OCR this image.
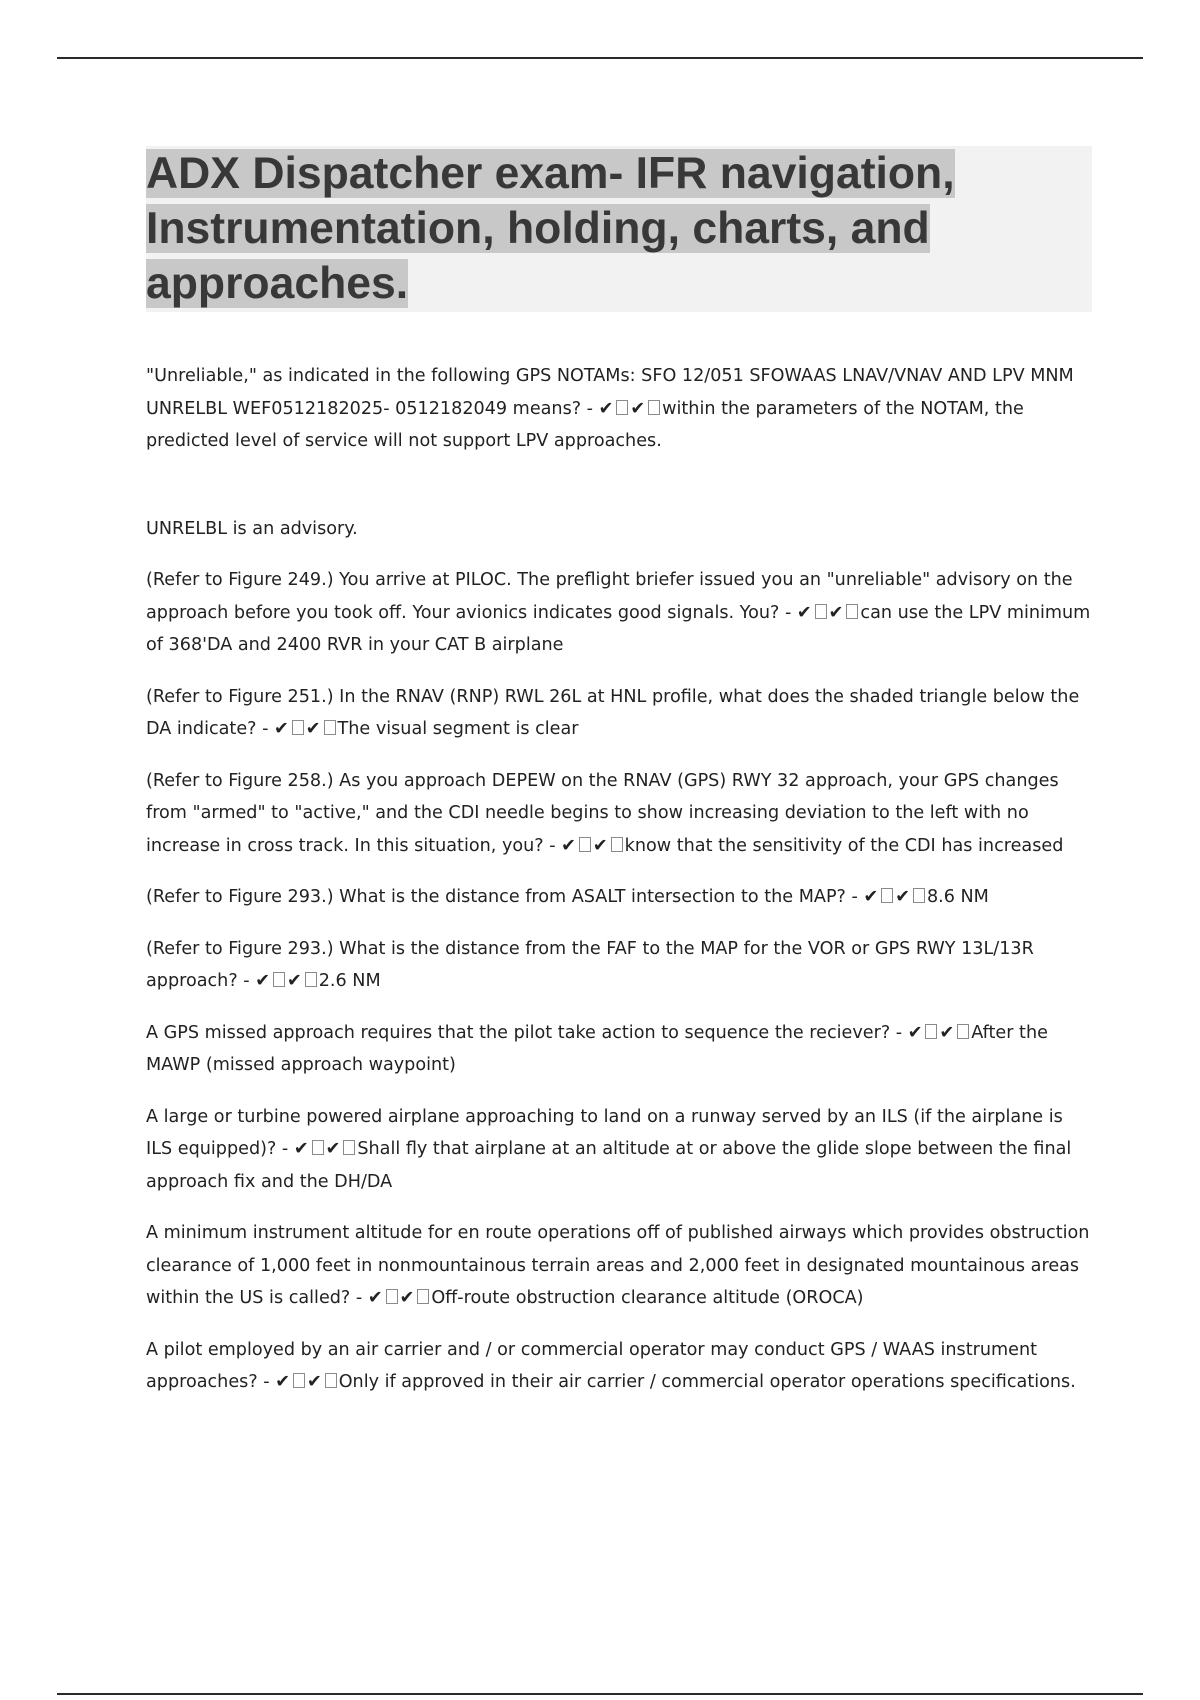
ADX Dispatcher exam- IFR navigation, Instrumentation, holding, charts, and approaches.

"Unreliable," as indicated in the following GPS NOTAMs: SFO 12/051 SFOWAAS LNAV/VNAV AND LPV MNM UNRELBL WEF0512182025- 0512182049 means? - ✔ ✔ within the parameters of the NOTAM, the predicted level of service will not support LPV approaches.

UNRELBL is an advisory.

(Refer to Figure 249.) You arrive at PILOC. The preflight briefer issued you an "unreliable" advisory on the approach before you took off. Your avionics indicates good signals. You? - ✔ ✔ can use the LPV minimum of 368'DA and 2400 RVR in your CAT B airplane

(Refer to Figure 251.) In the RNAV (RNP) RWL 26L at HNL profile, what does the shaded triangle below the DA indicate? - ✔ ✔ The visual segment is clear

(Refer to Figure 258.) As you approach DEPEW on the RNAV (GPS) RWY 32 approach, your GPS changes from "armed" to "active," and the CDI needle begins to show increasing deviation to the left with no increase in cross track. In this situation, you? - ✔ ✔ know that the sensitivity of the CDI has increased

(Refer to Figure 293.) What is the distance from ASALT intersection to the MAP? - ✔ ✔ 8.6 NM

(Refer to Figure 293.) What is the distance from the FAF to the MAP for the VOR or GPS RWY 13L/13R approach? - ✔ ✔ 2.6 NM

A GPS missed approach requires that the pilot take action to sequence the reciever? - ✔ ✔ After the MAWP (missed approach waypoint)

A large or turbine powered airplane approaching to land on a runway served by an ILS (if the airplane is ILS equipped)? - ✔ ✔ Shall fly that airplane at an altitude at or above the glide slope between the final approach fix and the DH/DA

A minimum instrument altitude for en route operations off of published airways which provides obstruction clearance of 1,000 feet in nonmountainous terrain areas and 2,000 feet in designated mountainous areas within the US is called? - ✔ ✔ Off-route obstruction clearance altitude (OROCA)

A pilot employed by an air carrier and / or commercial operator may conduct GPS / WAAS instrument approaches? - ✔ ✔ Only if approved in their air carrier / commercial operator operations specifications.
